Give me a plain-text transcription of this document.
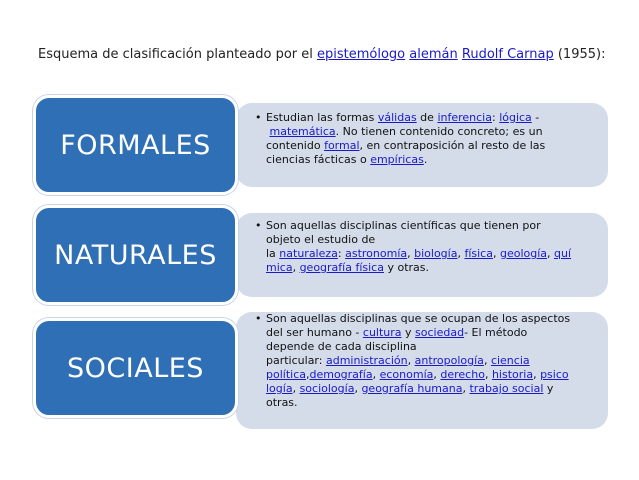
Esquema de clasificación planteado por el epistemólogo alemán Rudolf Carnap (1955):
FORMALES
• Estudian las formas válidas de inferencia: lógica -
matemática. No tienen contenido concreto; es un
contenido formal, en contraposición al resto de las
ciencias fácticas o empíricas.
NATURALES
• Son aquellas disciplinas científicas que tienen por
objeto el estudio de
la naturaleza: astronomía, biología, física, geología, quí
mica, geografía física y otras.
SOCIALES
• Son aquellas disciplinas que se ocupan de los aspectos
del ser humano - cultura y sociedad- El método
depende de cada disciplina
particular: administración, antropología, ciencia
política,demografía, economía, derecho, historia, psico
logía, sociología, geografía humana, trabajo social y
otras.
